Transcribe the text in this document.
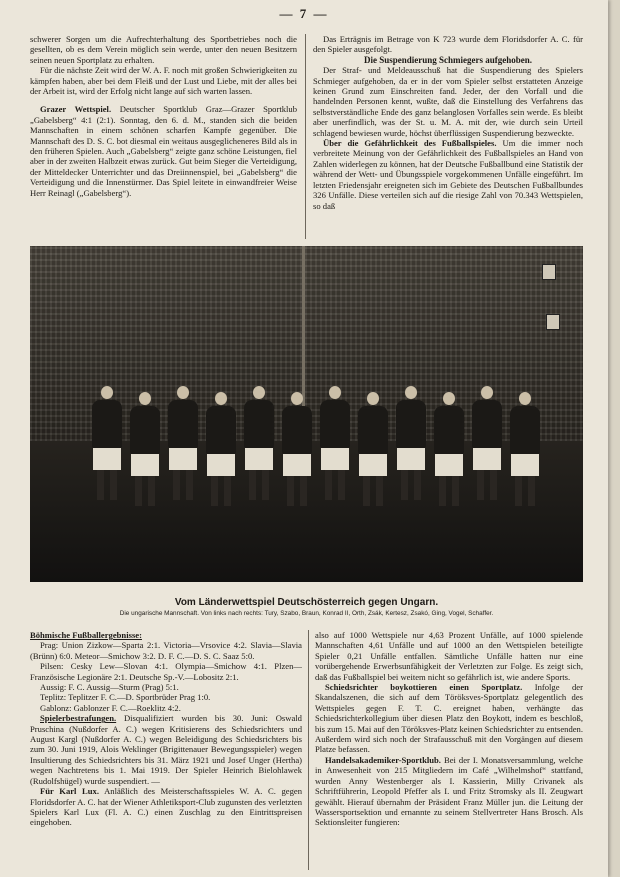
— 7 —

schwerer Sorgen um die Aufrechterhaltung des Sportbetriebes noch die gesellten, ob es dem Verein möglich sein werde, unter den neuen Besitzern seinen neuen Sportplatz zu erhalten.

Für die nächste Zeit wird der W. A. F. noch mit großen Schwierigkeiten zu kämpfen haben, aber bei dem Fleiß und der Lust und Liebe, mit der alles bei der Arbeit ist, wird der Erfolg nicht lange auf sich warten lassen.

Grazer Wettspiel. Deutscher Sportklub Graz—Grazer Sportklub „Gabelsberg“ 4:1 (2:1). Sonntag, den 6. d. M., standen sich die beiden Mannschaften in einem schönen scharfen Kampfe gegenüber. Die Mannschaft des D. S. C. bot diesmal ein weitaus ausgeglicheneres Bild als in den früheren Spielen. Auch „Gabelsberg“ zeigte ganz schöne Leistungen, fiel aber in der zweiten Halbzeit etwas zurück. Gut beim Sieger die Verteidigung, der Mitteldecker Unterrichter und das Dreiinnenspiel, bei „Gabelsberg“ die Verteidigung und die Innenstürmer. Das Spiel leitete in einwandfreier Weise Herr Reinagl („Gabelsberg“).

Das Erträgnis im Betrage von K 723 wurde dem Floridsdorfer A. C. für den Spieler ausgefolgt.

Die Suspendierung Schmiegers aufgehoben.

Der Straf- und Meldeausschuß hat die Suspendierung des Spielers Schmieger aufgehoben, da er in der vom Spieler selbst erstatteten Anzeige keinen Grund zum Einschreiten fand. Jeder, der den Vorfall und die handelnden Personen kennt, wußte, daß die Einstellung des Verfahrens das selbstverständliche Ende des ganz belanglosen Vorfalles sein werde. Es bleibt aber unerfindlich, was der St. u. M. A. mit der, wie durch sein Urteil schlagend bewiesen wurde, höchst überflüssigen Suspendierung bezweckte.

Über die Gefährlichkeit des Fußballspieles. Um die immer noch verbreitete Meinung von der Gefährlichkeit des Fußballspieles an Hand von Zahlen widerlegen zu können, hat der Deutsche Fußballbund eine Statistik der während der Wett- und Übungsspiele vorgekommenen Unfälle eingeführt. Im letzten Friedensjahr ereigneten sich im Gebiete des Deutschen Fußballbundes 326 Unfälle. Diese verteilen sich auf die riesige Zahl von 70.343 Wettspielen, so daß

Vom Länderwettspiel Deutschösterreich gegen Ungarn.
Die ungarische Mannschaft. Von links nach rechts: Tury, Szabo, Braun, Konrad II, Orth, Zsák, Kertesz, Zsakó, Ging, Vogel, Schaffer.

Böhmische Fußballergebnisse:

Prag: Union Zizkow—Sparta 2:1. Victoria—Vrsovice 4:2. Slavia—Slavia (Brünn) 6:0. Meteor—Smichow 3:2. D. F. C.—D. S. C. Saaz 5:0.

Pilsen: Cesky Lew—Slovan 4:1. Olympia—Smichow 4:1. Plzen—Französische Legionäre 2:1. Deutsche Sp.-V.—Lobositz 2:1.

Aussig: F. C. Aussig—Sturm (Prag) 5:1.

Teplitz: Teplitzer F. C.—D. Sportbrüder Prag 1:0.

Gablonz: Gablonzer F. C.—Roeklitz 4:2.

Spielerbestrafungen. Disqualifiziert wurden bis 30. Juni: Oswald Pruschina (Nußdorfer A. C.) wegen Kritisierens des Schiedsrichters und August Kargl (Nußdorfer A. C.) wegen Beleidigung des Schiedsrichters bis zum 30. Juni 1919, Alois Weklinger (Brigittenauer Bewegungsspieler) wegen Insultierung des Schiedsrichters bis 31. März 1921 und Josef Unger (Hertha) wegen Nachtretens bis 1. Mai 1919. Der Spieler Heinrich Bielohlawek (Rudolfshügel) wurde suspendiert. —

Für Karl Lux. Anläßlich des Meisterschaftsspieles W. A. C. gegen Floridsdorfer A. C. hat der Wiener Athletiksport-Club zugunsten des verletzten Spielers Karl Lux (Fl. A. C.) einen Zuschlag zu den Eintrittspreisen eingehoben.

also auf 1000 Wettspiele nur 4,63 Prozent Unfälle, auf 1000 spielende Mannschaften 4,61 Unfälle und auf 1000 an den Wettspielen beteiligte Spieler 0,21 Unfälle entfallen. Sämtliche Unfälle hatten nur eine vorübergehende Erwerbsunfähigkeit der Verletzten zur Folge. Es zeigt sich, daß das Fußballspiel bei weitem nicht so gefährlich ist, wie andere Sports.

Schiedsrichter boykottieren einen Sportplatz. Infolge der Skandalszenen, die sich auf dem Töröksves-Sportplatz gelegentlich des Wettspieles gegen F. T. C. ereignet haben, verhängte das Schiedsrichterkollegium über diesen Platz den Boykott, indem es beschloß, bis zum 15. Mai auf den Töröksves-Platz keinen Schiedsrichter zu entsenden. Außerdem wird sich noch der Strafausschuß mit den Vorgängen auf diesem Platze befassen.

Handelsakademiker-Sportklub. Bei der I. Monatsversammlung, welche in Anwesenheit von 215 Mitgliedern im Café „Wilhelmshof“ stattfand, wurden Anny Westenberger als I. Kassierin, Milly Crivanek als Schriftführerin, Leopold Pfeffer als I. und Fritz Stromsky als II. Zeugwart gewählt. Hierauf übernahm der Präsident Franz Müller jun. die Leitung der Wassersportsektion und ernannte zu seinem Stellvertreter Hans Brosch. Als Sektionsleiter fungieren:
